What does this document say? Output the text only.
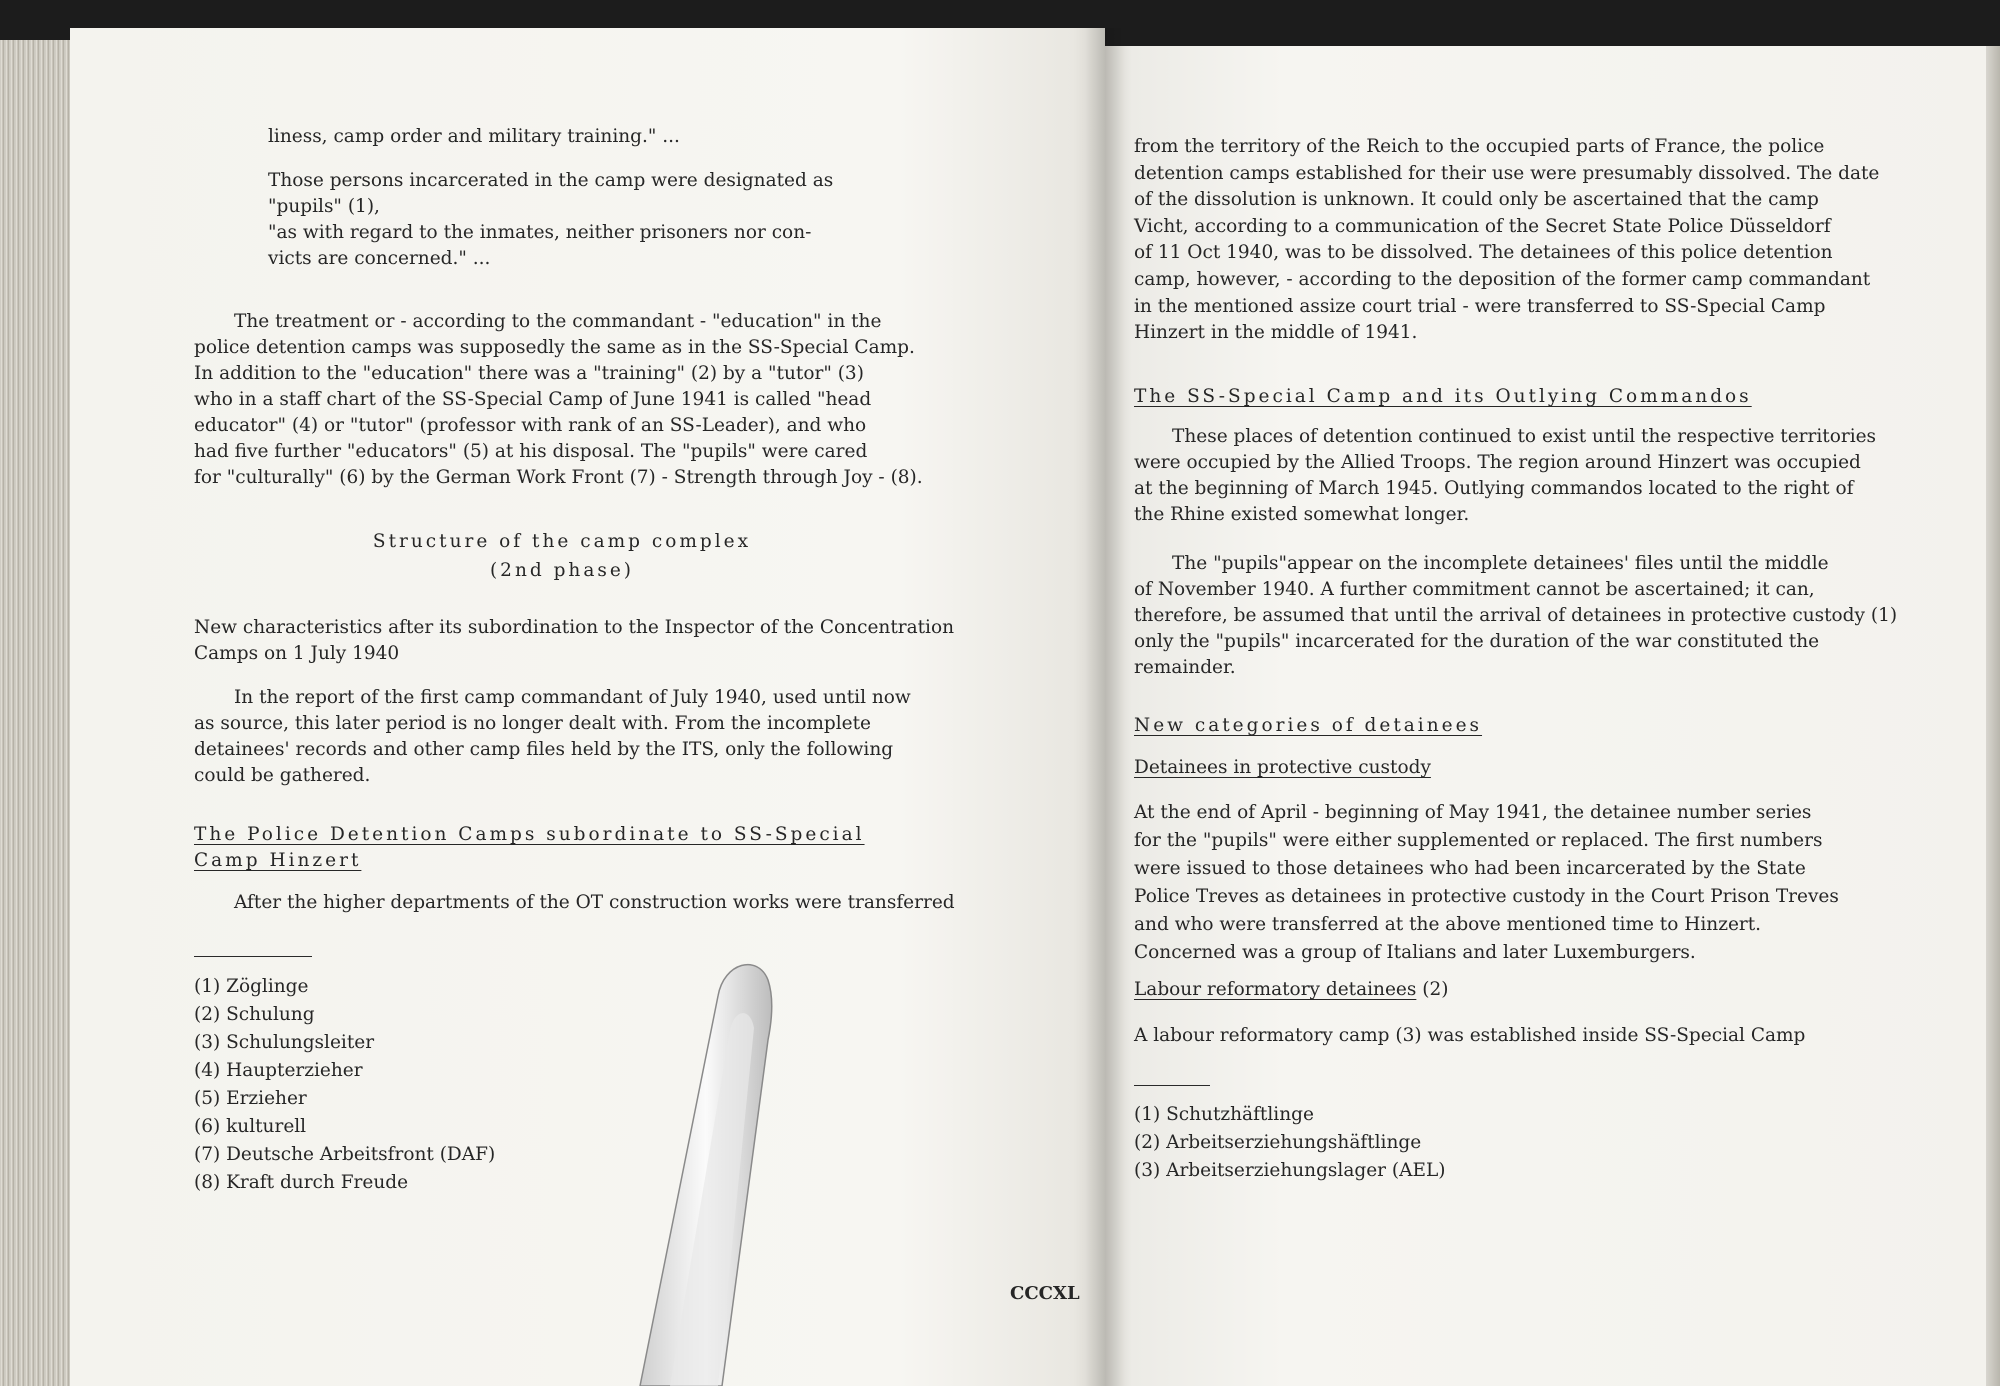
liness, camp order and military training." ...
Those persons incarcerated in the camp were designated as
"pupils" (1),
"as with regard to the inmates, neither prisoners nor con-
victs are concerned." ...
The treatment or - according to the commandant - "education" in the
police detention camps was supposedly the same as in the SS-Special Camp.
In addition to the "education" there was a "training" (2) by a "tutor" (3)
who in a staff chart of the SS-Special Camp of June 1941 is called "head
educator" (4) or "tutor" (professor with rank of an SS-Leader), and who
had five further "educators" (5) at his disposal. The "pupils" were cared
for "culturally" (6) by the German Work Front (7) - Strength through Joy - (8).
Structure of the camp complex
(2nd phase)
New characteristics after its subordination to the Inspector of the Concentration
Camps on 1 July 1940
In the report of the first camp commandant of July 1940, used until now
as source, this later period is no longer dealt with. From the incomplete
detainees' records and other camp files held by the ITS, only the following
could be gathered.
The Police Detention Camps subordinate to SS-Special
Camp Hinzert
After the higher departments of the OT construction works were transferred
(1) Zöglinge
(2) Schulung
(3) Schulungsleiter
(4) Haupterzieher
(5) Erzieher
(6) kulturell
(7) Deutsche Arbeitsfront (DAF)
(8) Kraft durch Freude
from the territory of the Reich to the occupied parts of France, the police
detention camps established for their use were presumably dissolved. The date
of the dissolution is unknown. It could only be ascertained that the camp
Vicht, according to a communication of the Secret State Police Düsseldorf
of 11 Oct 1940, was to be dissolved. The detainees of this police detention
camp, however, - according to the deposition of the former camp commandant
in the mentioned assize court trial - were transferred to SS-Special Camp
Hinzert in the middle of 1941.
The SS-Special Camp and its Outlying Commandos
These places of detention continued to exist until the respective territories
were occupied by the Allied Troops. The region around Hinzert was occupied
at the beginning of March 1945. Outlying commandos located to the right of
the Rhine existed somewhat longer.
The "pupils"appear on the incomplete detainees' files until the middle
of November 1940. A further commitment cannot be ascertained; it can,
therefore, be assumed that until the arrival of detainees in protective custody (1)
only the "pupils" incarcerated for the duration of the war constituted the
remainder.
New categories of detainees
Detainees in protective custody
At the end of April - beginning of May 1941, the detainee number series
for the "pupils" were either supplemented or replaced. The first numbers
were issued to those detainees who had been incarcerated by the State
Police Treves as detainees in protective custody in the Court Prison Treves
and who were transferred at the above mentioned time to Hinzert.
Concerned was a group of Italians and later Luxemburgers.
Labour reformatory detainees (2)
A labour reformatory camp (3) was established inside SS-Special Camp
(1) Schutzhäftlinge
(2) Arbeitserziehungshäftlinge
(3) Arbeitserziehungslager (AEL)
CCCXL
